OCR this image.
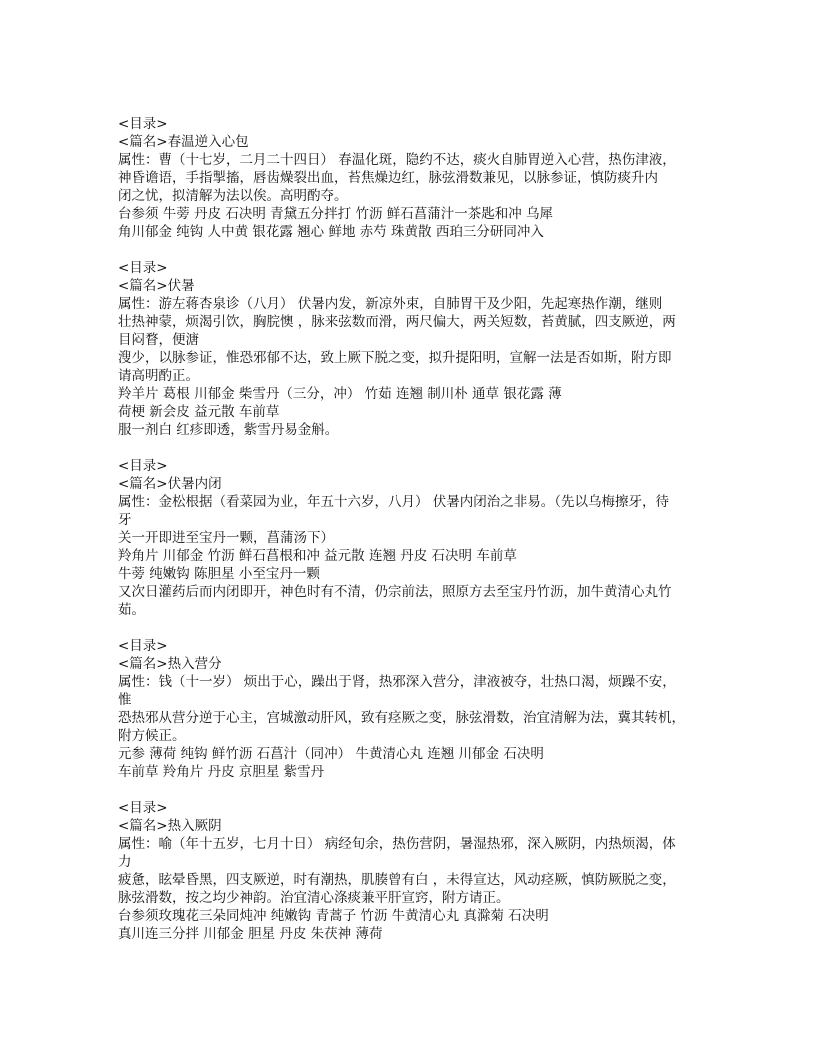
<目录>
<篇名>春温逆入心包
属性：曹（十七岁，二月二十四日） 春温化斑，隐约不达，痰火自肺胃逆入心营，热伤津液，
神昏谵语，手指掣搐，唇齿燥裂出血，苔焦燥边红，脉弦滑数兼见，以脉参证，慎防痰升内
闭之忧，拟清解为法以俟。高明酌夺。
台参须 牛蒡 丹皮 石决明 青黛五分拌打 竹沥 鲜石菖蒲汁一茶匙和冲 乌犀
角川郁金 纯钩 人中黄 银花露 翘心 鲜地 赤芍 珠黄散 西珀三分研同冲入
<目录>
<篇名>伏暑
属性：游左蒋杏泉诊（八月） 伏暑内发，新凉外束，自肺胃干及少阳，先起寒热作潮，继则
壮热神蒙，烦渴引饮，胸脘懊 ，脉来弦数而滑，两尺偏大，两关短数，苔黄腻，四支厥逆，两
目闷瞀，便溏
溲少，以脉参证，惟恐邪郁不达，致上厥下脱之变，拟升提阳明，宣解一法是否如斯，附方即
请高明酌正。
羚羊片 葛根 川郁金 柴雪丹（三分，冲） 竹茹 连翘 制川朴 通草 银花露 薄
荷梗 新会皮 益元散 车前草
服一剂白 红疹即透，紫雪丹易金斛。
<目录>
<篇名>伏暑内闭
属性：金松根据（看菜园为业，年五十六岁，八月） 伏暑内闭治之非易。（先以乌梅擦牙，待
牙
关一开即进至宝丹一颗，菖蒲汤下）
羚角片 川郁金 竹沥 鲜石菖根和冲 益元散 连翘 丹皮 石决明 车前草
牛蒡 纯嫩钩 陈胆星 小至宝丹一颗
又次日灌药后而内闭即开，神色时有不清，仍宗前法，照原方去至宝丹竹沥，加牛黄清心丸竹
茹。
<目录>
<篇名>热入营分
属性：钱（十一岁） 烦出于心，躁出于肾，热邪深入营分，津液被夺，壮热口渴，烦躁不安，
惟
恐热邪从营分逆于心主，宫城激动肝风，致有痉厥之变，脉弦滑数，治宜清解为法，冀其转机，
附方候正。
元参 薄荷 纯钩 鲜竹沥 石菖汁（同冲） 牛黄清心丸 连翘 川郁金 石决明
车前草 羚角片 丹皮 京胆星 紫雪丹
<目录>
<篇名>热入厥阴
属性：喻（年十五岁，七月十日） 病经旬余，热伤营阴，暑湿热邪，深入厥阴，内热烦渴，体
力
疲惫，眩晕昏黑，四支厥逆，时有潮热，肌腠曾有白 ，未得宣达，风动痉厥，慎防厥脱之变，
脉弦滑数，按之均少神韵。治宜清心涤痰兼平肝宣窍，附方请正。
台参须玫瑰花三朵同炖冲 纯嫩钩 青蒿子 竹沥 牛黄清心丸 真滁菊 石决明
真川连三分拌 川郁金 胆星 丹皮 朱茯神 薄荷
